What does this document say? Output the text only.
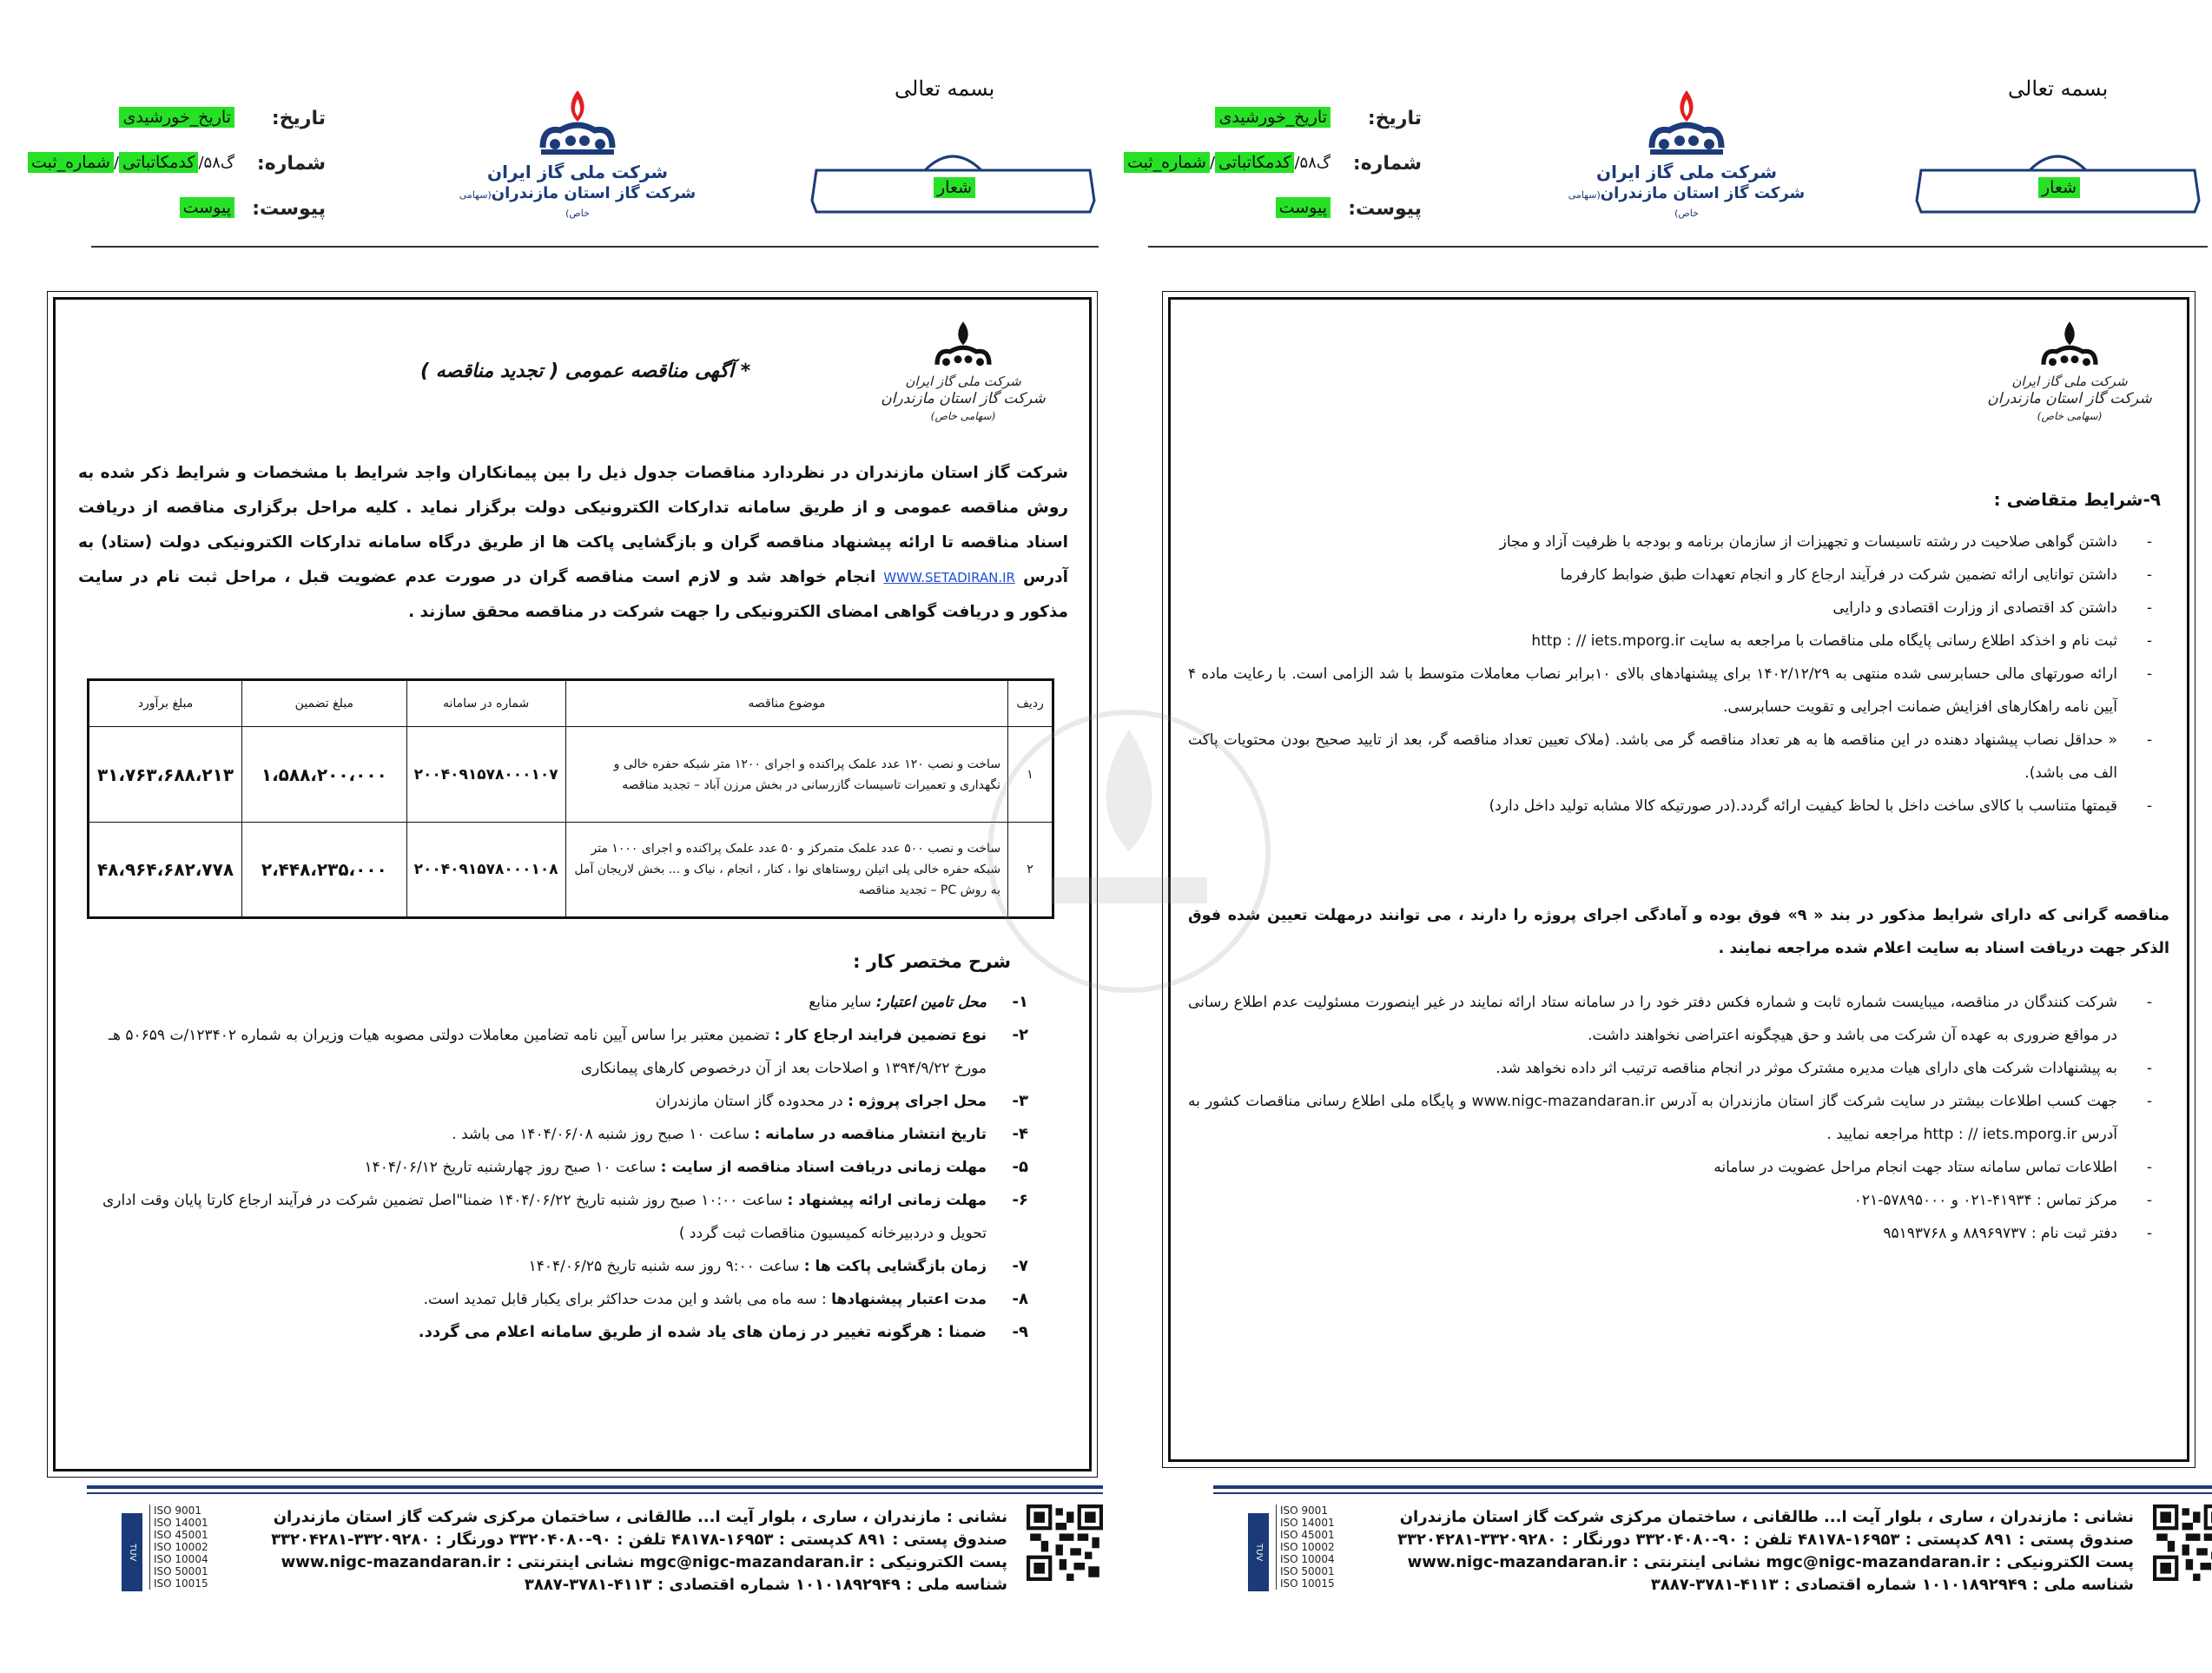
بسمه تعالی
شعار
شرکت ملی گاز ایران
شرکت گاز استان مازندران(سهامی خاص)
تاریخ:
تاریخ_خورشیدی
شماره:
گ۵۸/کدمکاتباتی/شماره_ثبت
پیوست:
پیوست
شرکت ملی گاز ایران
شرکت گاز استان مازندران
(سهامی خاص)
* آگهی مناقصه عمومی ( تجدید مناقصه )
شرکت گاز استان مازندران در نظردارد مناقصات جدول ذیل را بین پیمانکاران واجد شرایط با مشخصات و شرایط ذکر شده به روش مناقصه عمومی و از طریق سامانه تدارکات الکترونیکی دولت برگزار نماید . کلیه مراحل برگزاری مناقصه از دریافت اسناد مناقصه تا ارائه پیشنهاد مناقصه گران و بازگشایی پاکت ها از طریق درگاه سامانه تدارکات الکترونیکی دولت (ستاد) به آدرس WWW.SETADIRAN.IR انجام خواهد شد و لازم است مناقصه گران در صورت عدم عضویت قبل ، مراحل ثبت نام در سایت مذکور و دریافت گواهی امضای الکترونیکی را جهت شرکت در مناقصه محقق سازند .
ردیف	موضوع مناقصه	شماره در سامانه	مبلغ تضمین	مبلغ برآورد
۱	ساخت و نصب ۱۲۰ عدد علمک پراکنده و اجرای ۱۲۰۰ متر شبکه حفره خالی و نگهداری و تعمیرات تاسیسات گازرسانی در بخش مرزن آباد – تجدید مناقصه	۲۰۰۴۰۹۱۵۷۸۰۰۰۱۰۷	۱،۵۸۸،۲۰۰،۰۰۰	۳۱،۷۶۳،۶۸۸،۲۱۳
۲	ساخت و نصب ۵۰۰ عدد علمک متمرکز و ۵۰ عدد علمک پراکنده و اجرای ۱۰۰۰ متر شبکه حفره خالی پلی اتیلن روستاهای نوا ، کنار ، انجام ، نیاک و ... بخش لاریجان آمل به روش PC – تجدید مناقصه	۲۰۰۴۰۹۱۵۷۸۰۰۰۱۰۸	۲،۴۴۸،۲۳۵،۰۰۰	۴۸،۹۶۴،۶۸۲،۷۷۸
شرح مختصر کار :
۱-
محل تامین اعتبار: سایر منابع
۲-
نوع تضمین فرایند ارجاع کار : تضمین معتبر برا ساس آیین نامه تضامین معاملات دولتی مصوبه هیات وزیران به شماره ۱۲۳۴۰۲/ت ۵۰۶۵۹ هـ مورخ ۱۳۹۴/۹/۲۲ و اصلاحات بعد از آن درخصوص کارهای پیمانکاری
۳-
محل اجرای پروژه : در محدوده گاز استان مازندران
۴-
تاریخ انتشار مناقصه در سامانه : ساعت ۱۰ صبح روز شنبه ۱۴۰۴/۰۶/۰۸ می باشد .
۵-
مهلت زمانی دریافت اسناد مناقصه از سایت : ساعت ۱۰ صبح روز چهارشنبه تاریخ ۱۴۰۴/۰۶/۱۲
۶-
مهلت زمانی ارائه پیشنهاد : ساعت ۱۰:۰۰ صبح روز شنبه تاریخ ۱۴۰۴/۰۶/۲۲ ضمنا"اصل تضمین شرکت در فرآیند ارجاع کارتا پایان وقت اداری تحویل و دردبیرخانه کمیسیون مناقصات ثبت گردد )
۷-
زمان بازگشایی پاکت ها : ساعت ۹:۰۰ روز سه شنبه تاریخ ۱۴۰۴/۰۶/۲۵
۸-
مدت اعتبار پیشنهادها : سه ماه می باشد و این مدت حداکثر برای یکبار قابل تمدید است.
۹-
ضمنا : هرگونه تغییر در زمان های یاد شده از طریق سامانه اعلام می گردد.
نشانی : مازندران ، ساری ، بلوار آیت ا... طالقانی ، ساختمان مرکزی شرکت گاز استان مازندران
صندوق پستی : ۸۹۱ کدپستی : ۱۶۹۵۳-۴۸۱۷۸ تلفن : ۹۰-۳۳۲۰۴۰۸۰ دورنگار : ۳۳۲۰۹۲۸۰-۳۳۲۰۴۲۸۱
پست الکترونیکی : mgc@nigc-mazandaran.ir نشانی اینترنتی : www.nigc-mazandaran.ir
شناسه ملی : ۱۰۱۰۱۸۹۲۹۴۹ شماره اقتصادی : ۴۱۱۳-۳۷۸۱-۳۸۸۷
TUV
ISO 9001
ISO 14001
ISO 45001
ISO 10002
ISO 10004
ISO 50001
ISO 10015
بسمه تعالی
شعار
شرکت ملی گاز ایران
شرکت گاز استان مازندران(سهامی خاص)
تاریخ:
تاریخ_خورشیدی
شماره:
گ۵۸/کدمکاتباتی/شماره_ثبت
پیوست:
پیوست
شرکت ملی گاز ایران
شرکت گاز استان مازندران
(سهامی خاص)
۹-شرایط متقاضی :
-
داشتن گواهی صلاحیت در رشته تاسیسات و تجهیزات از سازمان برنامه و بودجه با ظرفیت آزاد و مجاز
-
داشتن توانایی ارائه تضمین شرکت در فرآیند ارجاع کار و انجام تعهدات طبق ضوابط کارفرما
-
داشتن کد اقتصادی از وزارت اقتصادی و دارایی
-
ثبت نام و اخذکد اطلاع رسانی پایگاه ملی مناقصات با مراجعه به سایت http : // iets.mporg.ir
-
ارائه صورتهای مالی حسابرسی شده منتهی به ۱۴۰۲/۱۲/۲۹ برای پیشنهادهای بالای ۱۰برابر نصاب معاملات متوسط با شد الزامی است. با رعایت ماده ۴ آیین نامه راهکارهای افزایش ضمانت اجرایی و تقویت حسابرسی.
-
« حداقل نصاب پیشنهاد دهنده در این مناقصه ها به هر تعداد مناقصه گر می باشد. (ملاک تعیین تعداد مناقصه گر، بعد از تایید صحیح بودن محتویات پاکت الف می باشد).
-
قیمتها متناسب با کالای ساخت داخل با لحاظ کیفیت ارائه گردد.(در صورتیکه کالا مشابه تولید داخل دارد)
مناقصه گرانی که دارای شرایط مذکور در بند « ۹» فوق بوده و آمادگی اجرای پروژه را دارند ، می توانند درمهلت تعیین شده فوق الذکر جهت دریافت اسناد به سایت اعلام شده مراجعه نمایند .
-
شرکت کنندگان در مناقصه، میبایست شماره ثابت و شماره فکس دفتر خود را در سامانه ستاد ارائه نمایند در غیر اینصورت مسئولیت عدم اطلاع رسانی در مواقع ضروری به عهده آن شرکت می باشد و حق هیچگونه اعتراضی نخواهند داشت.
-
به پیشنهادات شرکت های دارای هیات مدیره مشترک موثر در انجام مناقصه ترتیب اثر داده نخواهد شد.
-
جهت کسب اطلاعات بیشتر در سایت شرکت گاز استان مازندران به آدرس www.nigc-mazandaran.ir و پایگاه ملی اطلاع رسانی مناقصات کشور به آدرس http : // iets.mporg.ir مراجعه نمایید .
-
اطلاعات تماس سامانه ستاد جهت انجام مراحل عضویت در سامانه
-
مرکز تماس : ۴۱۹۳۴-۰۲۱ و ۵۷۸۹۵۰۰۰-۰۲۱
-
دفتر ثبت نام : ۸۸۹۶۹۷۳۷ و ۹۵۱۹۳۷۶۸
نشانی : مازندران ، ساری ، بلوار آیت ا... طالقانی ، ساختمان مرکزی شرکت گاز استان مازندران
صندوق پستی : ۸۹۱ کدپستی : ۱۶۹۵۳-۴۸۱۷۸ تلفن : ۹۰-۳۳۲۰۴۰۸۰ دورنگار : ۳۳۲۰۹۲۸۰-۳۳۲۰۴۲۸۱
پست الکترونیکی : mgc@nigc-mazandaran.ir نشانی اینترنتی : www.nigc-mazandaran.ir
شناسه ملی : ۱۰۱۰۱۸۹۲۹۴۹ شماره اقتصادی : ۴۱۱۳-۳۷۸۱-۳۸۸۷
TUV
ISO 9001
ISO 14001
ISO 45001
ISO 10002
ISO 10004
ISO 50001
ISO 10015
